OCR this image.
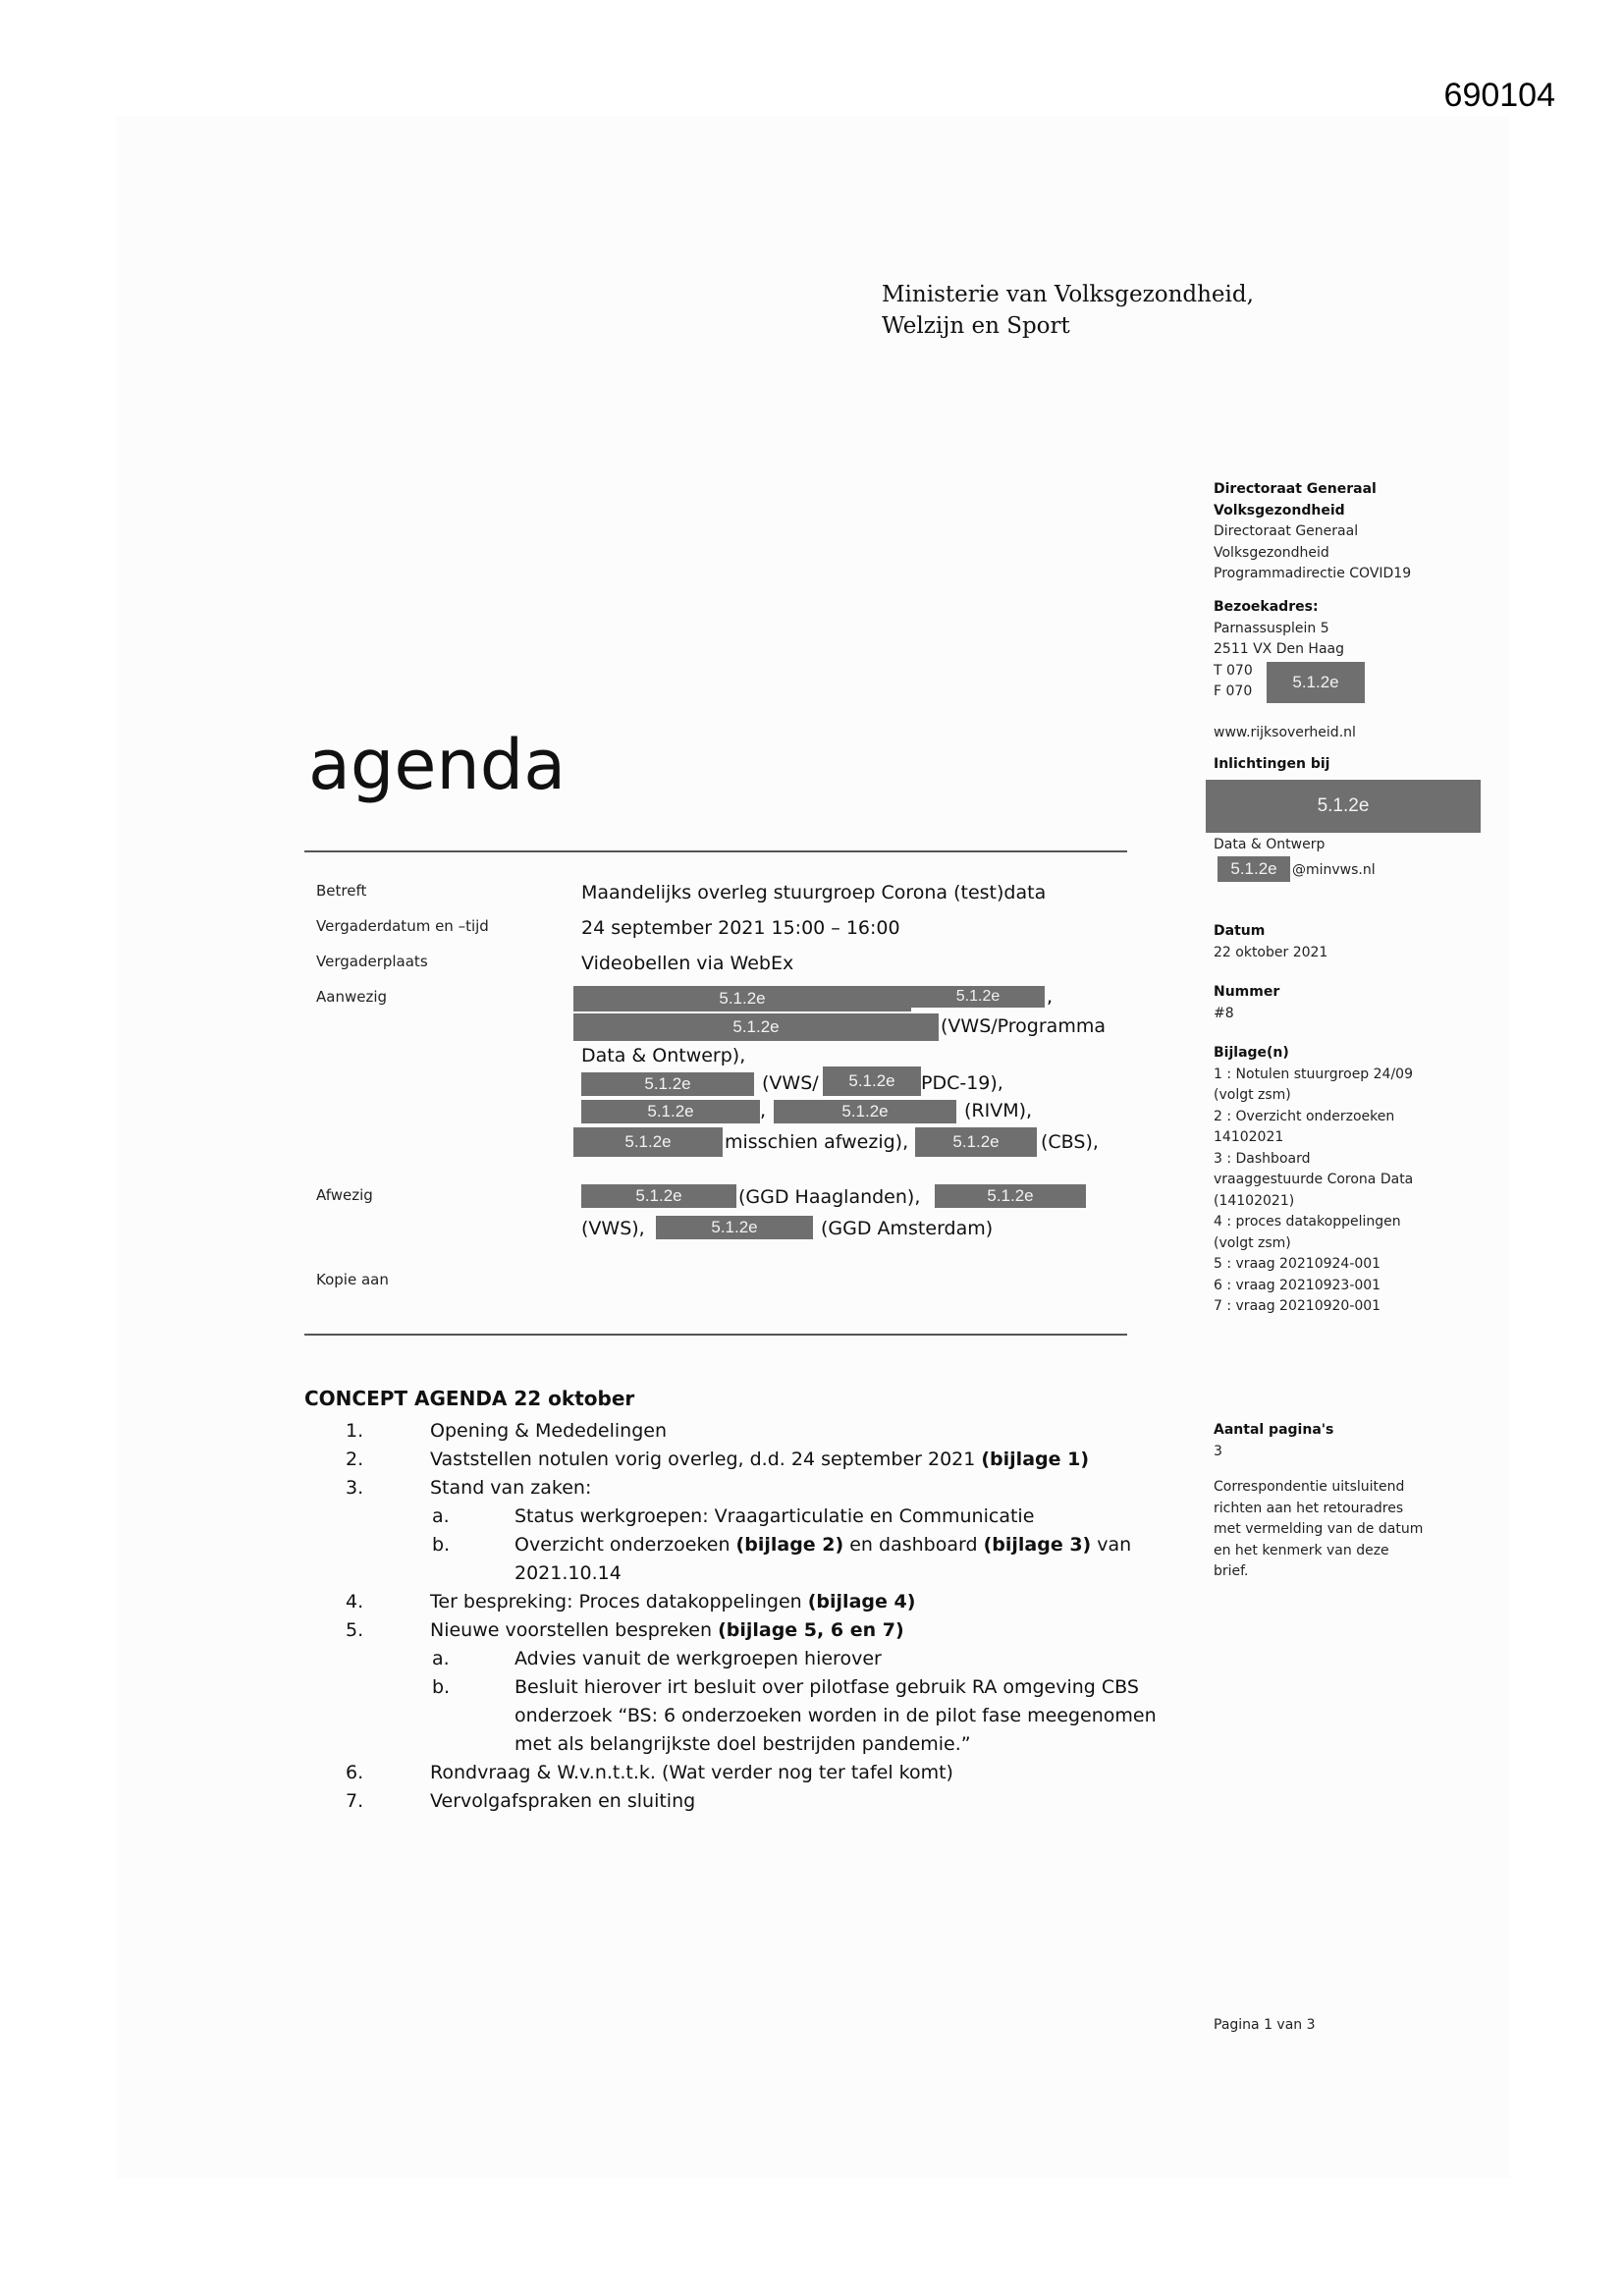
690104
Ministerie van Volksgezondheid,
Welzijn en Sport
agenda
Betreft	Maandelijks overleg stuurgroep Corona (test)data
Vergaderdatum en –tijd	24 september 2021 15:00 – 16:00
Vergaderplaats	Videobellen via WebEx
Aanwezig	5.1.2e	5.1.2e	,
5.1.2e	(VWS/Programma
Data & Ontwerp),
5.1.2e	(VWS/	5.1.2e	PDC-19),
5.1.2e	,	5.1.2e	(RIVM),
5.1.2e	misschien afwezig),	5.1.2e	(CBS),
Afwezig	5.1.2e	(GGD Haaglanden),	5.1.2e
(VWS),	5.1.2e	(GGD Amsterdam)
Kopie aan
Directoraat Generaal
Volksgezondheid
Directoraat Generaal
Volksgezondheid
Programmadirectie COVID19
Bezoekadres:
Parnassusplein 5
2511 VX Den Haag
T 070
F 070	5.1.2e
www.rijksoverheid.nl
Inlichtingen bij
5.1.2e
Data & Ontwerp
5.1.2e	@minvws.nl
Datum
22 oktober 2021
Nummer
#8
Bijlage(n)
1 : Notulen stuurgroep 24/09
(volgt zsm)
2 : Overzicht onderzoeken
14102021
3 : Dashboard
vraaggestuurde Corona Data
(14102021)
4 : proces datakoppelingen
(volgt zsm)
5 : vraag 20210924-001
6 : vraag 20210923-001
7 : vraag 20210920-001
Aantal pagina's
3
Correspondentie uitsluitend
richten aan het retouradres
met vermelding van de datum
en het kenmerk van deze
brief.
CONCEPT AGENDA 22 oktober
1.	Opening & Mededelingen
2.	Vaststellen notulen vorig overleg, d.d. 24 september 2021 (bijlage 1)
3.	Stand van zaken:
a.	Status werkgroepen: Vraagarticulatie en Communicatie
b.	Overzicht onderzoeken (bijlage 2) en dashboard (bijlage 3) van
2021.10.14
4.	Ter bespreking: Proces datakoppelingen (bijlage 4)
5.	Nieuwe voorstellen bespreken (bijlage 5, 6 en 7)
a.	Advies vanuit de werkgroepen hierover
b.	Besluit hierover irt besluit over pilotfase gebruik RA omgeving CBS
onderzoek “BS: 6 onderzoeken worden in de pilot fase meegenomen
met als belangrijkste doel bestrijden pandemie.”
6.	Rondvraag & W.v.n.t.t.k. (Wat verder nog ter tafel komt)
7.	Vervolgafspraken en sluiting
Pagina 1 van 3
